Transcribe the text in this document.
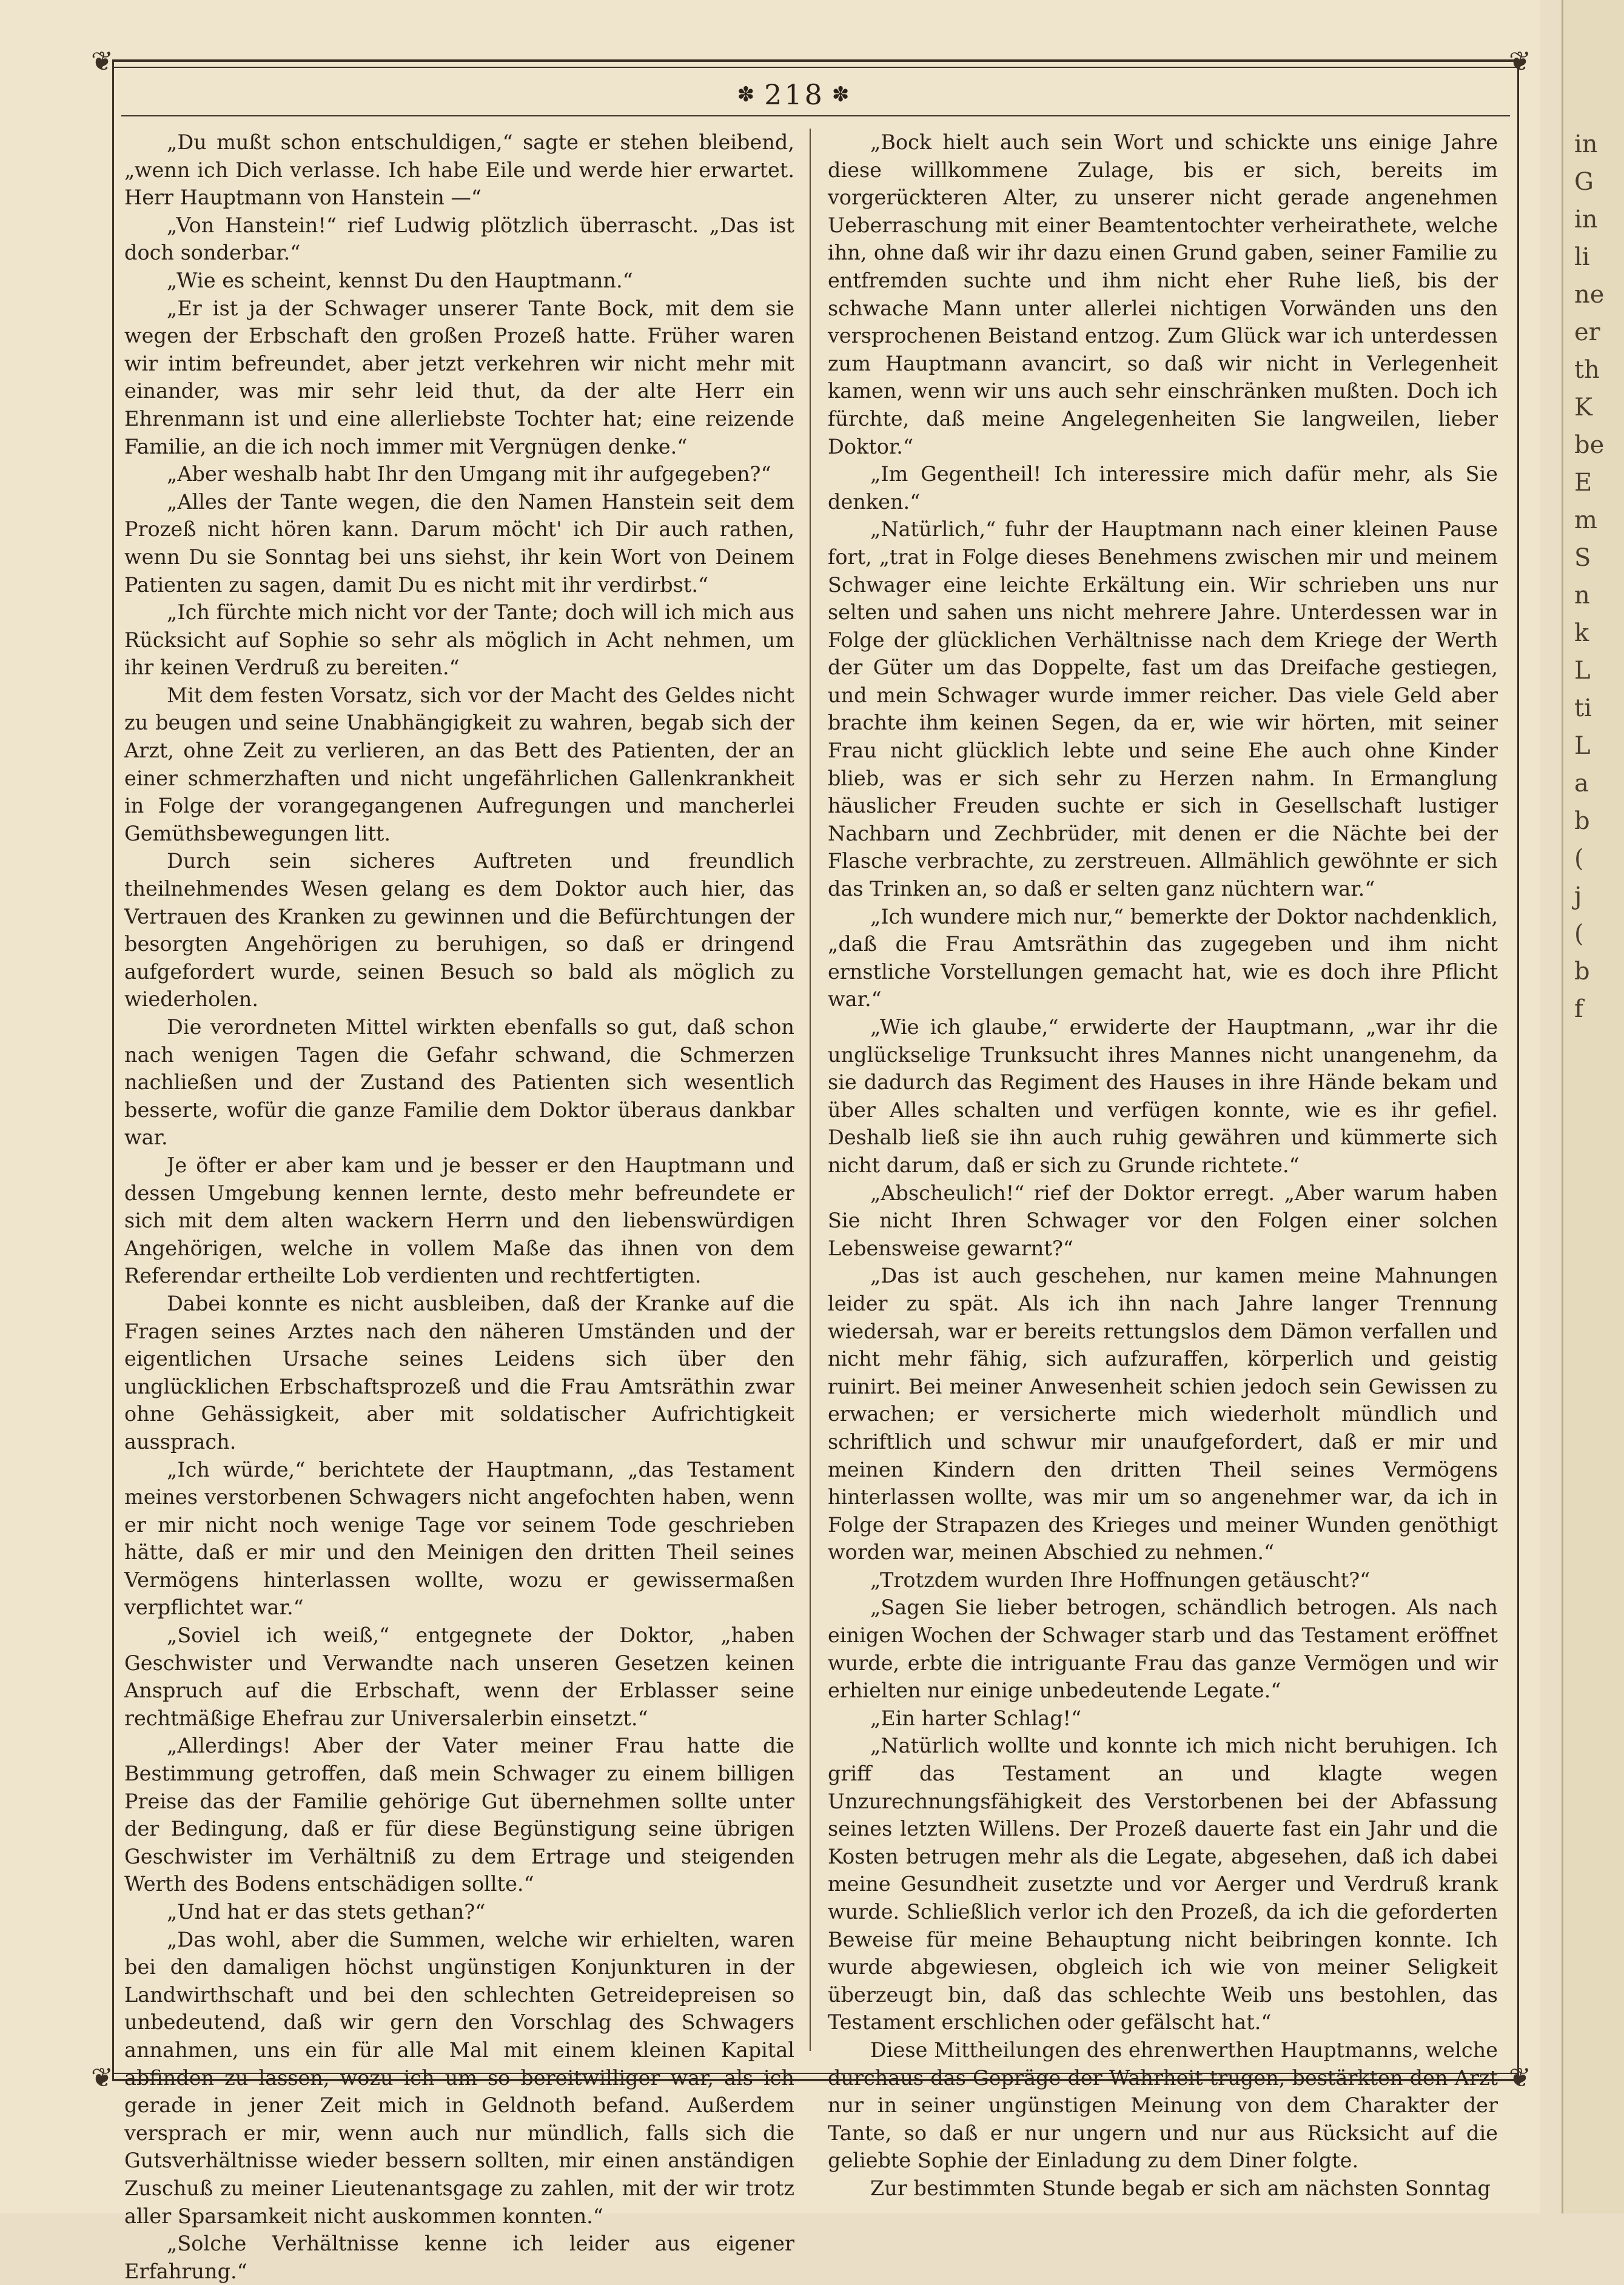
❦	❦
❦	❦
✽ 218 ✽

„Du mußt schon entschuldigen,“ sagte er stehen bleibend, „wenn ich Dich verlasse. Ich habe Eile und werde hier erwartet. Herr Hauptmann von Hanstein —“

„Von Hanstein!“ rief Ludwig plötzlich überrascht. „Das ist doch sonderbar.“

„Wie es scheint, kennst Du den Hauptmann.“

„Er ist ja der Schwager unserer Tante Bock, mit dem sie wegen der Erbschaft den großen Prozeß hatte. Früher waren wir intim befreundet, aber jetzt verkehren wir nicht mehr mit einander, was mir sehr leid thut, da der alte Herr ein Ehrenmann ist und eine allerliebste Tochter hat; eine reizende Familie, an die ich noch immer mit Vergnügen denke.“

„Aber weshalb habt Ihr den Umgang mit ihr aufgegeben?“

„Alles der Tante wegen, die den Namen Hanstein seit dem Prozeß nicht hören kann. Darum möcht' ich Dir auch rathen, wenn Du sie Sonntag bei uns siehst, ihr kein Wort von Deinem Patienten zu sagen, damit Du es nicht mit ihr verdirbst.“

„Ich fürchte mich nicht vor der Tante; doch will ich mich aus Rücksicht auf Sophie so sehr als möglich in Acht nehmen, um ihr keinen Verdruß zu bereiten.“

Mit dem festen Vorsatz, sich vor der Macht des Geldes nicht zu beugen und seine Unabhängigkeit zu wahren, begab sich der Arzt, ohne Zeit zu verlieren, an das Bett des Patienten, der an einer schmerzhaften und nicht ungefährlichen Gallenkrankheit in Folge der vorangegangenen Aufregungen und mancherlei Gemüthsbewegungen litt.

Durch sein sicheres Auftreten und freundlich theilnehmendes Wesen gelang es dem Doktor auch hier, das Vertrauen des Kranken zu gewinnen und die Befürchtungen der besorgten Angehörigen zu beruhigen, so daß er dringend aufgefordert wurde, seinen Besuch so bald als möglich zu wiederholen.

Die verordneten Mittel wirkten ebenfalls so gut, daß schon nach wenigen Tagen die Gefahr schwand, die Schmerzen nachließen und der Zustand des Patienten sich wesentlich besserte, wofür die ganze Familie dem Doktor überaus dankbar war.

Je öfter er aber kam und je besser er den Hauptmann und dessen Umgebung kennen lernte, desto mehr befreundete er sich mit dem alten wackern Herrn und den liebenswürdigen Angehörigen, welche in vollem Maße das ihnen von dem Referendar ertheilte Lob verdienten und rechtfertigten.

Dabei konnte es nicht ausbleiben, daß der Kranke auf die Fragen seines Arztes nach den näheren Umständen und der eigentlichen Ursache seines Leidens sich über den unglücklichen Erbschaftsprozeß und die Frau Amtsräthin zwar ohne Gehässigkeit, aber mit soldatischer Aufrichtigkeit aussprach.

„Ich würde,“ berichtete der Hauptmann, „das Testament meines verstorbenen Schwagers nicht angefochten haben, wenn er mir nicht noch wenige Tage vor seinem Tode geschrieben hätte, daß er mir und den Meinigen den dritten Theil seines Vermögens hinterlassen wollte, wozu er gewissermaßen verpflichtet war.“

„Soviel ich weiß,“ entgegnete der Doktor, „haben Geschwister und Verwandte nach unseren Gesetzen keinen Anspruch auf die Erbschaft, wenn der Erblasser seine rechtmäßige Ehefrau zur Universalerbin einsetzt.“

„Allerdings! Aber der Vater meiner Frau hatte die Bestimmung getroffen, daß mein Schwager zu einem billigen Preise das der Familie gehörige Gut übernehmen sollte unter der Bedingung, daß er für diese Begünstigung seine übrigen Geschwister im Verhältniß zu dem Ertrage und steigenden Werth des Bodens entschädigen sollte.“

„Und hat er das stets gethan?“

„Das wohl, aber die Summen, welche wir erhielten, waren bei den damaligen höchst ungünstigen Konjunkturen in der Landwirthschaft und bei den schlechten Getreidepreisen so unbedeutend, daß wir gern den Vorschlag des Schwagers annahmen, uns ein für alle Mal mit einem kleinen Kapital abfinden zu lassen, wozu ich um so bereitwilliger war, als ich gerade in jener Zeit mich in Geldnoth befand. Außerdem versprach er mir, wenn auch nur mündlich, falls sich die Gutsverhältnisse wieder bessern sollten, mir einen anständigen Zuschuß zu meiner Lieutenantsgage zu zahlen, mit der wir trotz aller Sparsamkeit nicht auskommen konnten.“

„Solche Verhältnisse kenne ich leider aus eigener Erfahrung.“

„Bock hielt auch sein Wort und schickte uns einige Jahre diese willkommene Zulage, bis er sich, bereits im vorgerückteren Alter, zu unserer nicht gerade angenehmen Ueberraschung mit einer Beamtentochter verheirathete, welche ihn, ohne daß wir ihr dazu einen Grund gaben, seiner Familie zu entfremden suchte und ihm nicht eher Ruhe ließ, bis der schwache Mann unter allerlei nichtigen Vorwänden uns den versprochenen Beistand entzog. Zum Glück war ich unterdessen zum Hauptmann avancirt, so daß wir nicht in Verlegenheit kamen, wenn wir uns auch sehr einschränken mußten. Doch ich fürchte, daß meine Angelegenheiten Sie langweilen, lieber Doktor.“

„Im Gegentheil! Ich interessire mich dafür mehr, als Sie denken.“

„Natürlich,“ fuhr der Hauptmann nach einer kleinen Pause fort, „trat in Folge dieses Benehmens zwischen mir und meinem Schwager eine leichte Erkältung ein. Wir schrieben uns nur selten und sahen uns nicht mehrere Jahre. Unterdessen war in Folge der glücklichen Verhältnisse nach dem Kriege der Werth der Güter um das Doppelte, fast um das Dreifache gestiegen, und mein Schwager wurde immer reicher. Das viele Geld aber brachte ihm keinen Segen, da er, wie wir hörten, mit seiner Frau nicht glücklich lebte und seine Ehe auch ohne Kinder blieb, was er sich sehr zu Herzen nahm. In Ermanglung häuslicher Freuden suchte er sich in Gesellschaft lustiger Nachbarn und Zechbrüder, mit denen er die Nächte bei der Flasche verbrachte, zu zerstreuen. Allmählich gewöhnte er sich das Trinken an, so daß er selten ganz nüchtern war.“

„Ich wundere mich nur,“ bemerkte der Doktor nachdenklich, „daß die Frau Amtsräthin das zugegeben und ihm nicht ernstliche Vorstellungen gemacht hat, wie es doch ihre Pflicht war.“

„Wie ich glaube,“ erwiderte der Hauptmann, „war ihr die unglückselige Trunksucht ihres Mannes nicht unangenehm, da sie dadurch das Regiment des Hauses in ihre Hände bekam und über Alles schalten und verfügen konnte, wie es ihr gefiel. Deshalb ließ sie ihn auch ruhig gewähren und kümmerte sich nicht darum, daß er sich zu Grunde richtete.“

„Abscheulich!“ rief der Doktor erregt. „Aber warum haben Sie nicht Ihren Schwager vor den Folgen einer solchen Lebensweise gewarnt?“

„Das ist auch geschehen, nur kamen meine Mahnungen leider zu spät. Als ich ihn nach Jahre langer Trennung wiedersah, war er bereits rettungslos dem Dämon verfallen und nicht mehr fähig, sich aufzuraffen, körperlich und geistig ruinirt. Bei meiner Anwesenheit schien jedoch sein Gewissen zu erwachen; er versicherte mich wiederholt mündlich und schriftlich und schwur mir unaufgefordert, daß er mir und meinen Kindern den dritten Theil seines Vermögens hinterlassen wollte, was mir um so angenehmer war, da ich in Folge der Strapazen des Krieges und meiner Wunden genöthigt worden war, meinen Abschied zu nehmen.“

„Trotzdem wurden Ihre Hoffnungen getäuscht?“

„Sagen Sie lieber betrogen, schändlich betrogen. Als nach einigen Wochen der Schwager starb und das Testament eröffnet wurde, erbte die intriguante Frau das ganze Vermögen und wir erhielten nur einige unbedeutende Legate.“

„Ein harter Schlag!“

„Natürlich wollte und konnte ich mich nicht beruhigen. Ich griff das Testament an und klagte wegen Unzurechnungsfähigkeit des Verstorbenen bei der Abfassung seines letzten Willens. Der Prozeß dauerte fast ein Jahr und die Kosten betrugen mehr als die Legate, abgesehen, daß ich dabei meine Gesundheit zusetzte und vor Aerger und Verdruß krank wurde. Schließlich verlor ich den Prozeß, da ich die geforderten Beweise für meine Behauptung nicht beibringen konnte. Ich wurde abgewiesen, obgleich ich wie von meiner Seligkeit überzeugt bin, daß das schlechte Weib uns bestohlen, das Testament erschlichen oder gefälscht hat.“

Diese Mittheilungen des ehrenwerthen Hauptmanns, welche durchaus das Gepräge der Wahrheit trugen, bestärkten den Arzt nur in seiner ungünstigen Meinung von dem Charakter der Tante, so daß er nur ungern und nur aus Rücksicht auf die geliebte Sophie der Einladung zu dem Diner folgte.

Zur bestimmten Stunde begab er sich am nächsten Sonntag

in
G
in
li
ne
er
th
K
be
E
m
S
n
k
L
ti
L
a
b
(
j
(
b
f
